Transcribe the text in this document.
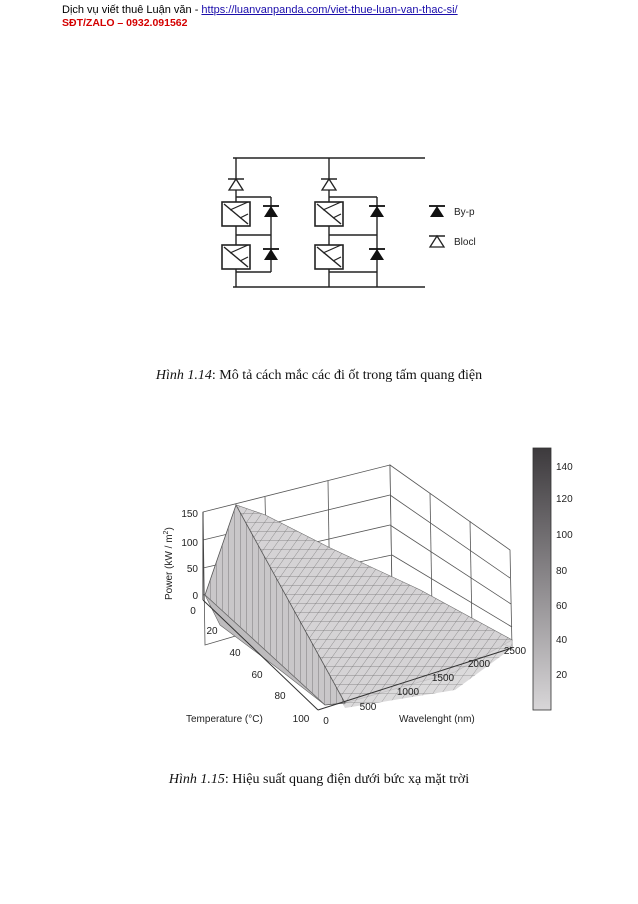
Dịch vụ viết thuê Luận văn - https://luanvanpanda.com/viet-thue-luan-van-thac-si/
SĐT/ZALO – 0932.091562
By-p
Blocl
Hình 1.14: Mô tả cách mắc các đi ốt trong tấm quang điện
150
100
50
0
Power $(kW / m^2)$
0
20
40
60
80
100
Temperature (°C)	0
500
1000
1500
2000
2500
Wavelenght (nm)
140
120
100
80
60
40
20
Hình 1.15: Hiệu suất quang điện dưới bức xạ mặt trời
